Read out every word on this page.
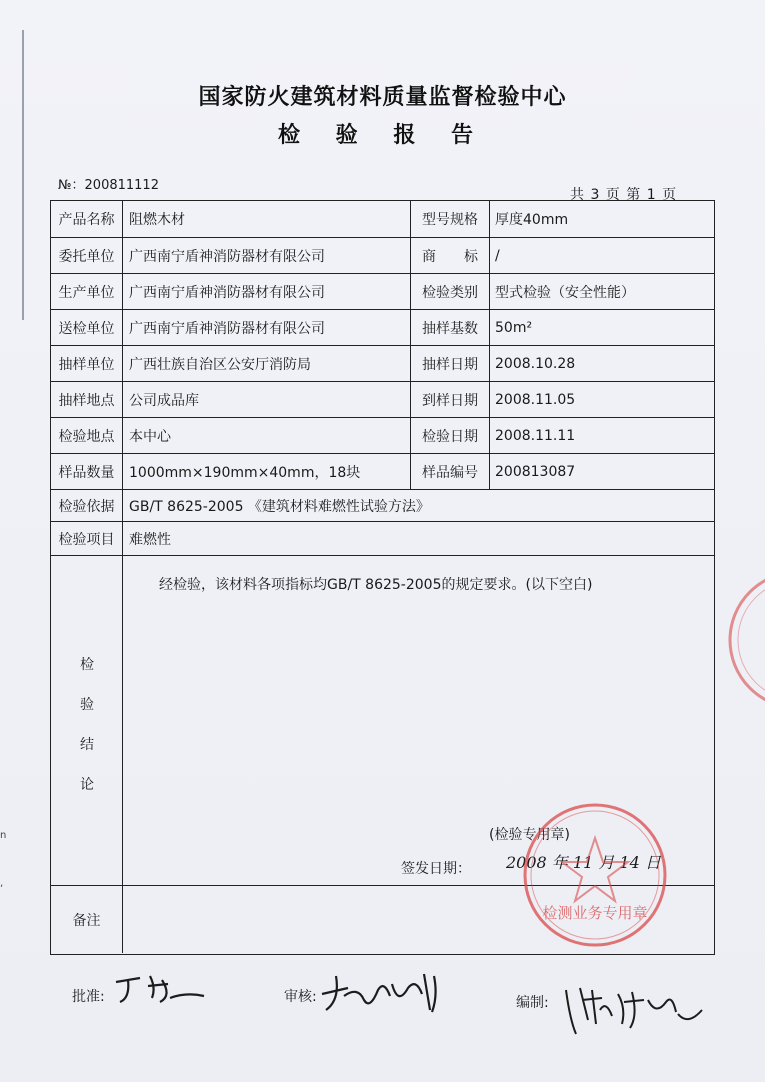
n
,
国家防火建筑材料质量监督检验中心
检 验 报 告
№：200811112
共 3 页 第 1 页
产品名称	阻燃木材	型号规格	厚度40mm
委托单位	广西南宁盾神消防器材有限公司	商　　标	/
生产单位	广西南宁盾神消防器材有限公司	检验类别	型式检验（安全性能）
送检单位	广西南宁盾神消防器材有限公司	抽样基数	50m²
抽样单位	广西壮族自治区公安厅消防局	抽样日期	2008.10.28
抽样地点	公司成品库	到样日期	2008.11.05
检验地点	本中心	检验日期	2008.11.11
样品数量	1000mm×190mm×40mm，18块	样品编号	200813087
检验依据	GB/T 8625-2005 《建筑材料难燃性试验方法》
检验项目	难燃性
检
验
结
论
经检验，该材料各项指标均GB/T 8625-2005的规定要求。(以下空白)
(检验专用章)
签发日期： 2008 年 11 月 14 日
备注	检测业务专用章
批准:	审核:	编制:
